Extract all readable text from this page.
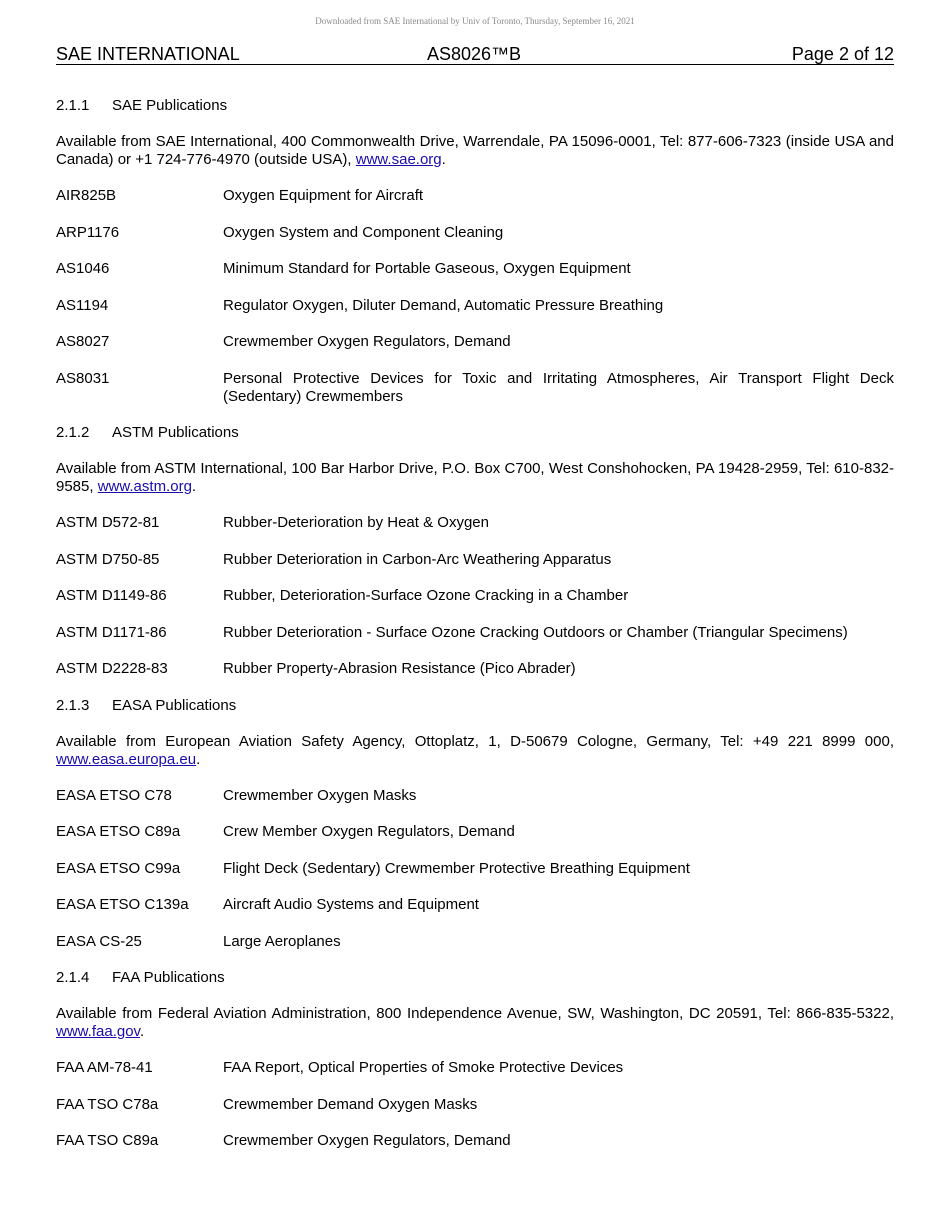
Downloaded from SAE International by Univ of Toronto, Thursday, September 16, 2021
SAE INTERNATIONAL	AS8026™B	Page 2 of 12
2.1.1 SAE Publications
Available from SAE International, 400 Commonwealth Drive, Warrendale, PA 15096-0001, Tel: 877-606-7323 (inside USA and Canada) or +1 724-776-4970 (outside USA), www.sae.org.
AIR825B	Oxygen Equipment for Aircraft
ARP1176	Oxygen System and Component Cleaning
AS1046	Minimum Standard for Portable Gaseous, Oxygen Equipment
AS1194	Regulator Oxygen, Diluter Demand, Automatic Pressure Breathing
AS8027	Crewmember Oxygen Regulators, Demand
AS8031	Personal Protective Devices for Toxic and Irritating Atmospheres, Air Transport Flight Deck (Sedentary) Crewmembers
2.1.2 ASTM Publications
Available from ASTM International, 100 Bar Harbor Drive, P.O. Box C700, West Conshohocken, PA 19428-2959, Tel: 610-832-9585, www.astm.org.
ASTM D572-81	Rubber-Deterioration by Heat & Oxygen
ASTM D750-85	Rubber Deterioration in Carbon-Arc Weathering Apparatus
ASTM D1149-86	Rubber, Deterioration-Surface Ozone Cracking in a Chamber
ASTM D1171-86	Rubber Deterioration - Surface Ozone Cracking Outdoors or Chamber (Triangular Specimens)
ASTM D2228-83	Rubber Property-Abrasion Resistance (Pico Abrader)
2.1.3 EASA Publications
Available from European Aviation Safety Agency, Ottoplatz, 1, D-50679 Cologne, Germany, Tel: +49 221 8999 000, www.easa.europa.eu.
EASA ETSO C78	Crewmember Oxygen Masks
EASA ETSO C89a	Crew Member Oxygen Regulators, Demand
EASA ETSO C99a	Flight Deck (Sedentary) Crewmember Protective Breathing Equipment
EASA ETSO C139a	Aircraft Audio Systems and Equipment
EASA CS-25	Large Aeroplanes
2.1.4 FAA Publications
Available from Federal Aviation Administration, 800 Independence Avenue, SW, Washington, DC 20591, Tel: 866-835-5322, www.faa.gov.
FAA AM-78-41	FAA Report, Optical Properties of Smoke Protective Devices
FAA TSO C78a	Crewmember Demand Oxygen Masks
FAA TSO C89a	Crewmember Oxygen Regulators, Demand
